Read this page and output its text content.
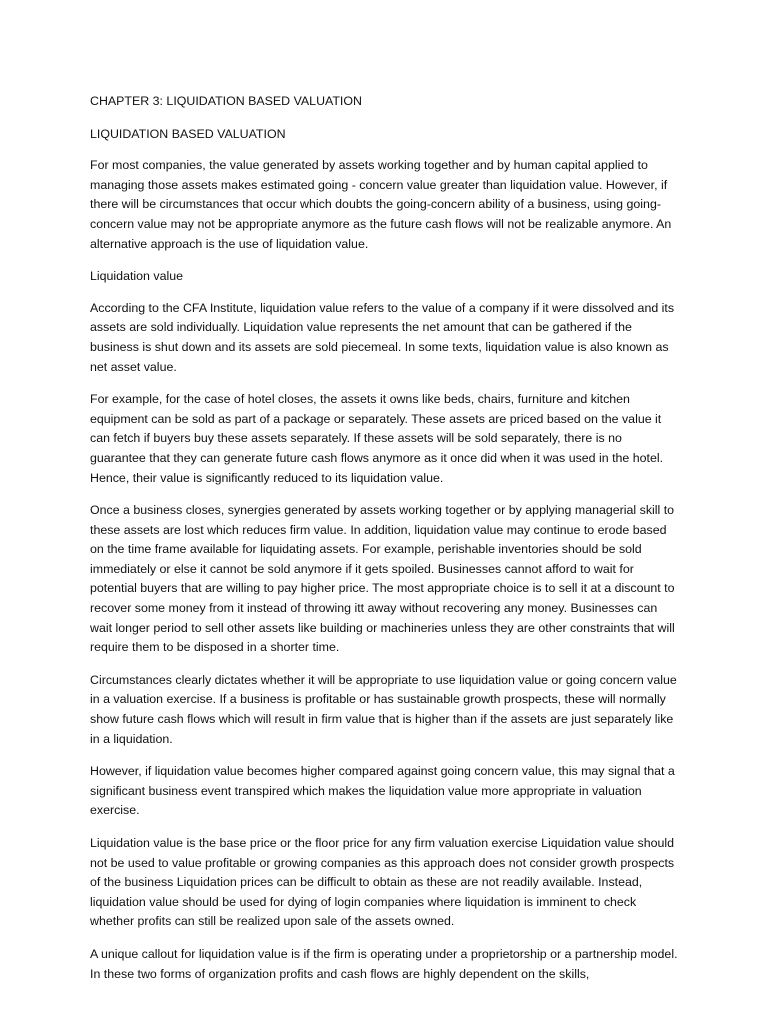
CHAPTER 3: LIQUIDATION BASED VALUATION
LIQUIDATION BASED VALUATION

For most companies, the value generated by assets working together and by human capital applied to managing those assets makes estimated going - concern value greater than liquidation value. However, if there will be circumstances that occur which doubts the going-concern ability of a business, using going-concern value may not be appropriate anymore as the future cash flows will not be realizable anymore. An alternative approach is the use of liquidation value.

Liquidation value

According to the CFA Institute, liquidation value refers to the value of a company if it were dissolved and its assets are sold individually. Liquidation value represents the net amount that can be gathered if the business is shut down and its assets are sold piecemeal. In some texts, liquidation value is also known as net asset value.

For example, for the case of hotel closes, the assets it owns like beds, chairs, furniture and kitchen equipment can be sold as part of a package or separately. These assets are priced based on the value it can fetch if buyers buy these assets separately. If these assets will be sold separately, there is no guarantee that they can generate future cash flows anymore as it once did when it was used in the hotel. Hence, their value is significantly reduced to its liquidation value.

Once a business closes, synergies generated by assets working together or by applying managerial skill to these assets are lost which reduces firm value. In addition, liquidation value may continue to erode based on the time frame available for liquidating assets. For example, perishable inventories should be sold immediately or else it cannot be sold anymore if it gets spoiled. Businesses cannot afford to wait for potential buyers that are willing to pay higher price. The most appropriate choice is to sell it at a discount to recover some money from it instead of throwing itt away without recovering any money. Businesses can wait longer period to sell other assets like building or machineries unless they are other constraints that will require them to be disposed in a shorter time.

Circumstances clearly dictates whether it will be appropriate to use liquidation value or going concern value in a valuation exercise. If a business is profitable or has sustainable growth prospects, these will normally show future cash flows which will result in firm value that is higher than if the assets are just separately like in a liquidation.

However, if liquidation value becomes higher compared against going concern value, this may signal that a significant business event transpired which makes the liquidation value more appropriate in valuation exercise.

Liquidation value is the base price or the floor price for any firm valuation exercise Liquidation value should not be used to value profitable or growing companies as this approach does not consider growth prospects of the business Liquidation prices can be difficult to obtain as these are not readily available. Instead, liquidation value should be used for dying of login companies where liquidation is imminent to check whether profits can still be realized upon sale of the assets owned.

A unique callout for liquidation value is if the firm is operating under a proprietorship or a partnership model. In these two forms of organization profits and cash flows are highly dependent on the skills,
